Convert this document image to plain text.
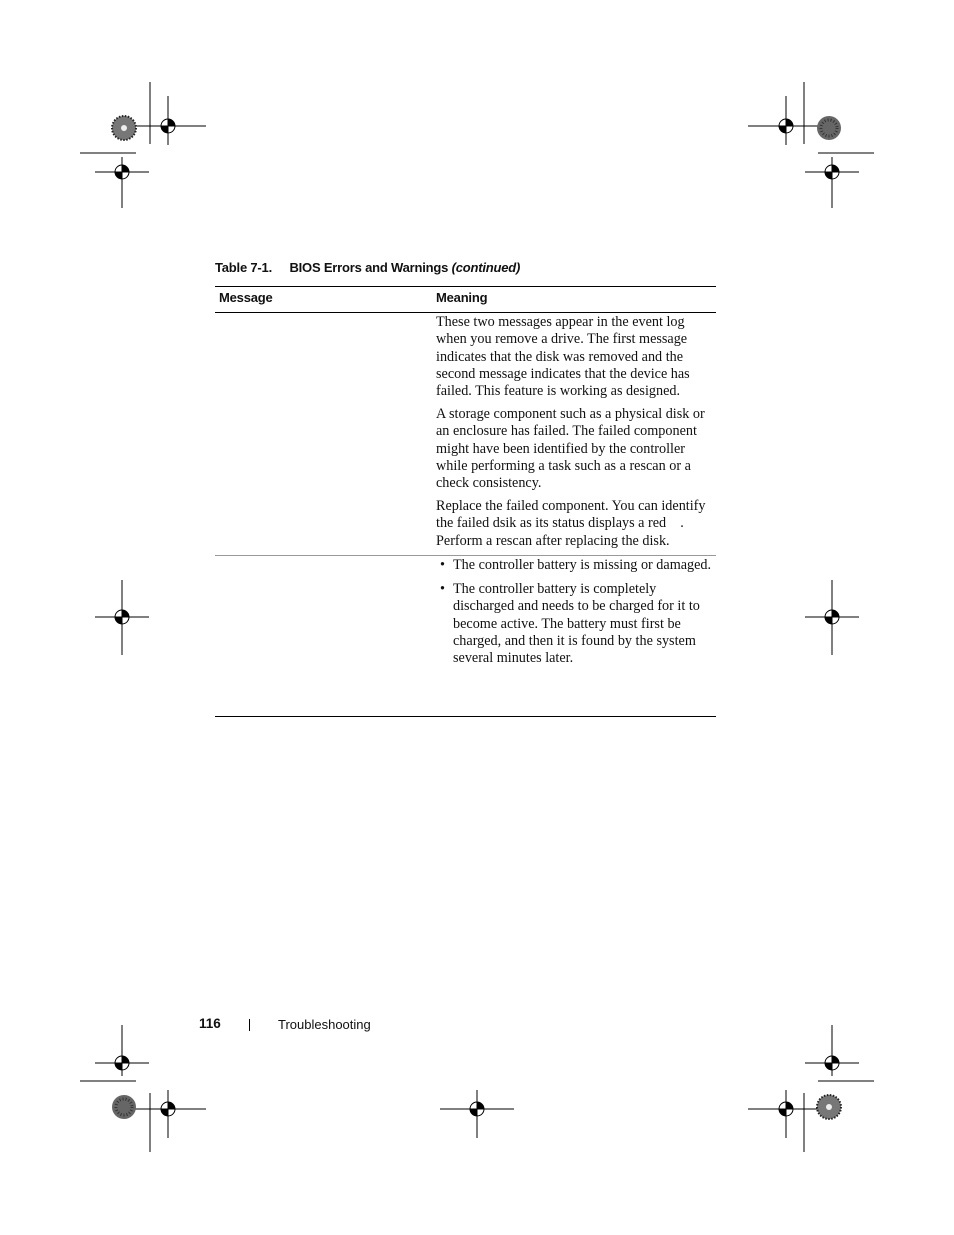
Table 7-1. BIOS Errors and Warnings (continued)
Message	Meaning

These two messages appear in the event log when you remove a drive. The first message indicates that the disk was removed and the second message indicates that the device has failed. This feature is working as designed.

A storage component such as a physical disk or an enclosure has failed. The failed component might have been identified by the controller while performing a task such as a rescan or a check consistency.

Replace the failed component. You can identify the failed dsik as its status displays a red    . Perform a rescan after replacing the disk.

• The controller battery is missing or damaged.
• The controller battery is completely discharged and needs to be charged for it to become active. The battery must first be charged, and then it is found by the system several minutes later.
116	Troubleshooting
